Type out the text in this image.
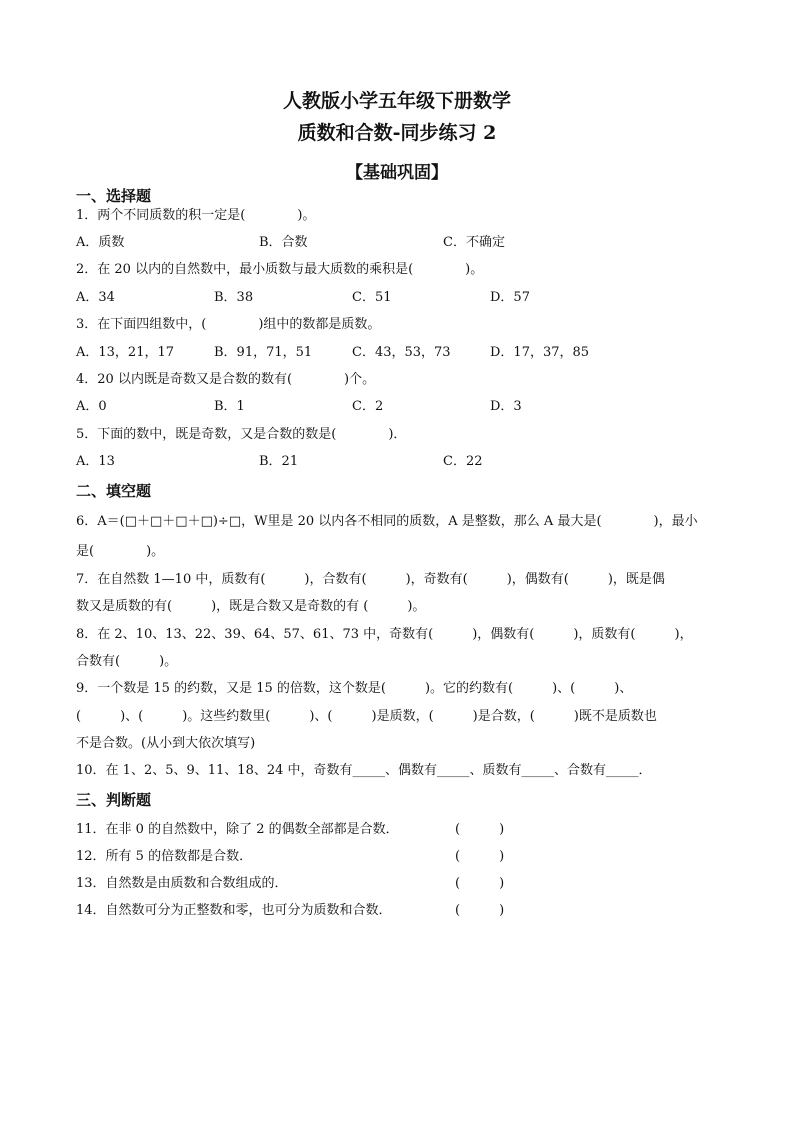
人教版小学五年级下册数学
质数和合数-同步练习 2
【基础巩固】
一、选择题
1．两个不同质数的积一定是(　　　　)。
A．质数	B．合数	C．不确定
2．在 20 以内的自然数中，最小质数与最大质数的乘积是(　　　　)。
A．34	B．38	C．51	D．57
3．在下面四组数中，(　　　　)组中的数都是质数。
A．13，21，17	B．91，71，51	C．43，53，73	D．17，37，85
4．20 以内既是奇数又是合数的数有(　　　　)个。
A．0	B．1	C．2	D．3
5．下面的数中，既是奇数，又是合数的数是(　　　　)．
A．13	B．21	C．22
二、填空题
6．A＝(□＋□＋□＋□)÷□，W里是 20 以内各不相同的质数，A 是整数，那么 A 最大是(　　　　)，最小
是(　　　　)。
7．在自然数 1—10 中，质数有(　　　)，合数有(　　　)，奇数有(　　　)，偶数有(　　　)，既是偶
数又是质数的有(　　　)，既是合数又是奇数的有 (　　　)。
8．在 2、10、13、22、39、64、57、61、73 中，奇数有(　　　)，偶数有(　　　)，质数有(　　　)，
合数有(　　　)。
9．一个数是 15 的约数，又是 15 的倍数，这个数是(　　　)。它的约数有(　　　)、(　　　)、
(　　　)、(　　　)。这些约数里(　　　)、(　　　)是质数，(　　　)是合数，(　　　)既不是质数也
不是合数。(从小到大依次填写)
10．在 1、2、5、9、11、18、24 中，奇数有_____、偶数有_____、质数有_____、合数有_____．
三、判断题
11．在非 0 的自然数中，除了 2 的偶数全部都是合数．	(　　　)
12．所有 5 的倍数都是合数．	(　　　)
13．自然数是由质数和合数组成的．	(　　　)
14．自然数可分为正整数和零，也可分为质数和合数．	(　　　)
